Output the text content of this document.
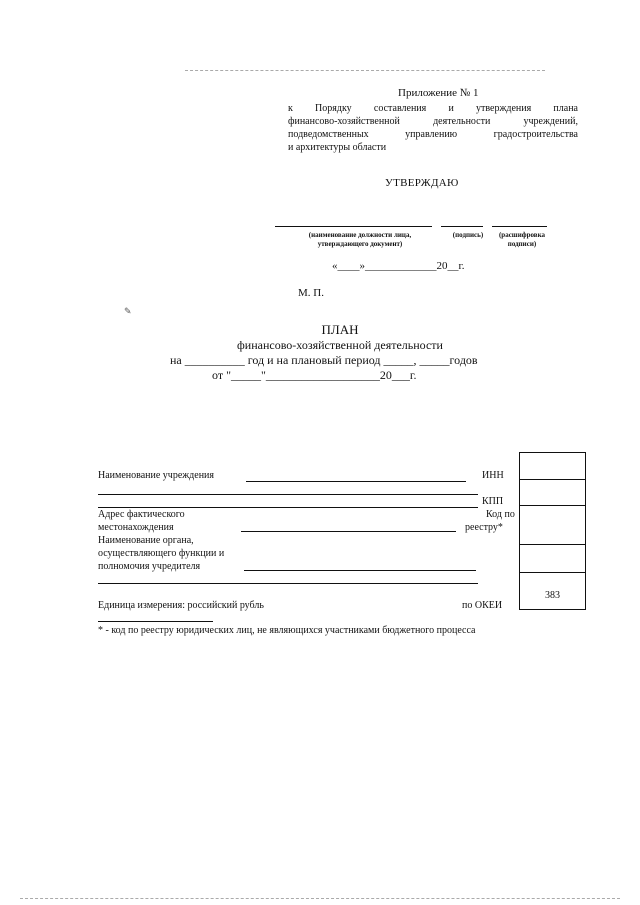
Приложение № 1
к Порядку составления и утверждения плана
финансово-хозяйственной деятельности учреждений,
подведомственных управлению градостроительства
и архитектуры области
УТВЕРЖДАЮ
(наименование должности лица,
утверждающего документ)
(подпись)	(расшифровка
подписи)
«____»_____________20__г.
М. П.
✎
ПЛАН
финансово-хозяйственной деятельности
на __________ год и на плановый период _____, _____годов
от "_____"___________________20___г.
Наименование учреждения
Адрес фактического
местонахождения
Наименование органа,
осуществляющего функции и
полномочия учредителя
Единица измерения: российский рубль
ИНН
КПП
Код по
реестру*
по ОКЕИ
383
* - код по реестру юридических лиц, не являющихся участниками бюджетного процесса
